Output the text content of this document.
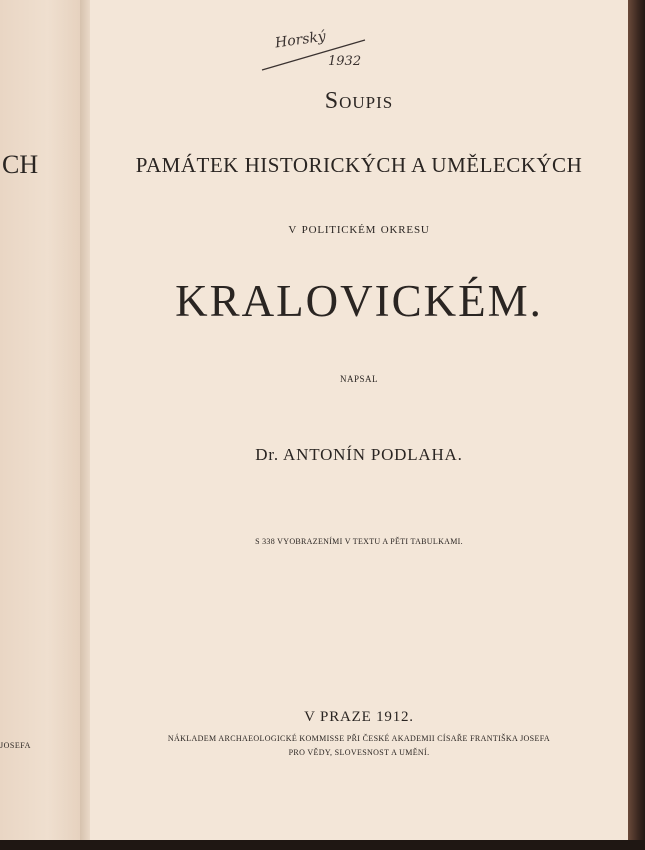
CH
JOSEFA
Horský
1932
Soupis
PAMÁTEK HISTORICKÝCH A UMĚLECKÝCH
v politickém okresu
KRALOVICKÉM.
NAPSAL
Dr. ANTONÍN PODLAHA.
S 338 VYOBRAZENÍMI V TEXTU A PĚTI TABULKAMI.
V PRAZE 1912.
NÁKLADEM ARCHAEOLOGICKÉ KOMMISSE PŘI ČESKÉ AKADEMII CÍSAŘE FRANTIŠKA JOSEFA
PRO VĚDY, SLOVESNOST A UMĚNÍ.
